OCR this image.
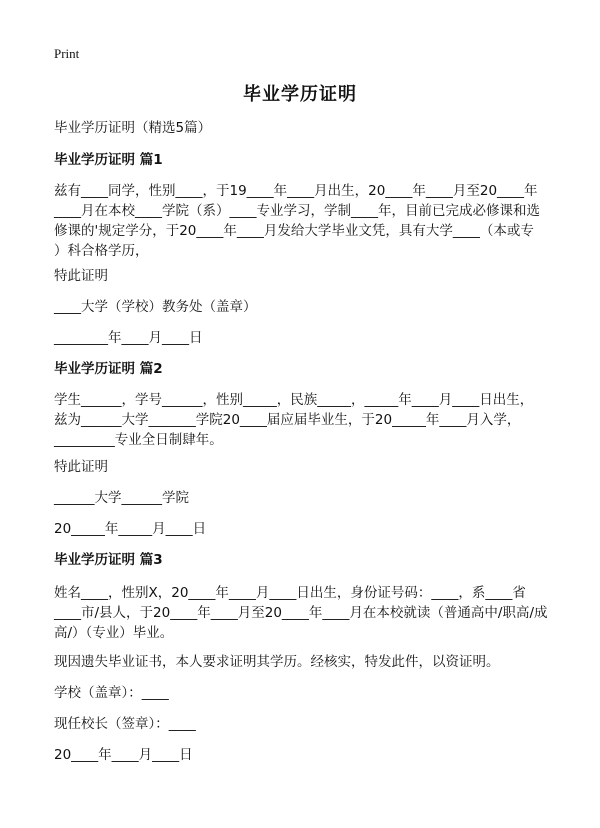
Print
毕业学历证明
毕业学历证明（精选5篇）
毕业学历证明 篇1
兹有____同学，性别____，于19____年____月出生，20____年____月至20____年
____月在本校____学院（系）____专业学习，学制____年，目前已完成必修课和选
修课的'规定学分，于20____年____月发给大学毕业文凭，具有大学____（本或专
）科合格学历，
特此证明
____大学（学校）教务处（盖章）
________年____月____日
毕业学历证明 篇2
学生______，学号______，性别_____，民族_____，_____年____月____日出生，
兹为______大学_______学院20____届应届毕业生，于20_____年____月入学，
_________专业全日制肆年。
特此证明
______大学______学院
20_____年_____月____日
毕业学历证明 篇3
姓名____，性别X，20____年____月____日出生，身份证号码：____，系____省
____市/县人，于20____年____月至20____年____月在本校就读（普通高中/职高/成
高/）（专业）毕业。
现因遗失毕业证书，本人要求证明其学历。经核实，特发此件，以资证明。
学校（盖章）：____
现任校长（签章）：____
20____年____月____日
